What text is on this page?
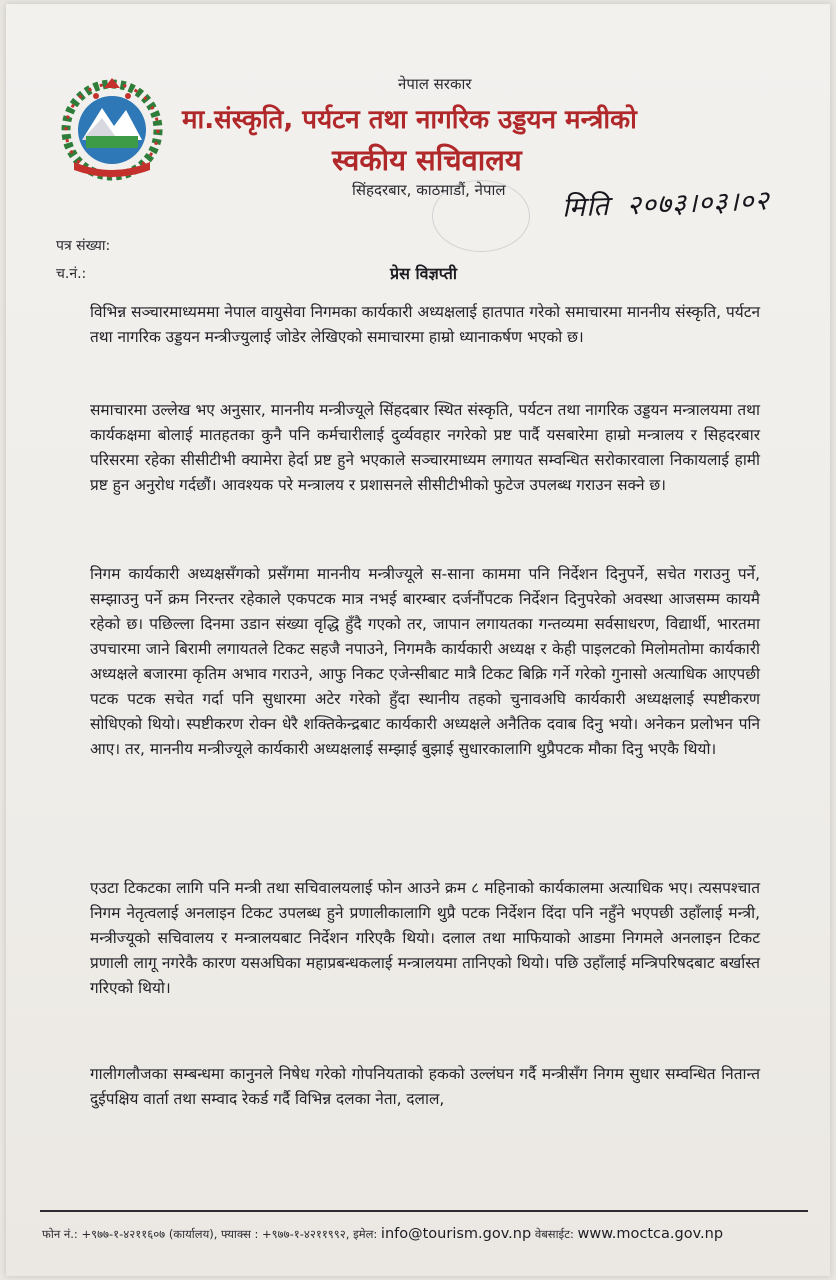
नेपाल सरकार
मा.संस्कृति, पर्यटन तथा नागरिक उड्डयन मन्त्रीको
स्वकीय सचिवालय
सिंहदरबार, काठमाडौं, नेपाल मिति २०७३।०३।०२
पत्र संख्या:
च.नं.:	प्रेस विज्ञप्ती

विभिन्न सञ्चारमाध्यममा नेपाल वायुसेवा निगमका कार्यकारी अध्यक्षलाई हातपात गरेको समाचारमा माननीय संस्कृति, पर्यटन तथा नागरिक उड्डयन मन्त्रीज्युलाई जोडेर लेखिएको समाचारमा हाम्रो ध्यानाकर्षण भएको छ।

समाचारमा उल्लेख भए अनुसार, माननीय मन्त्रीज्यूले सिंहदबार स्थित संस्कृति, पर्यटन तथा नागरिक उड्डयन मन्त्रालयमा तथा कार्यकक्षमा बोलाई मातहतका कुनै पनि कर्मचारीलाई दुर्व्यवहार नगरेको प्रष्ट पार्दै यसबारेमा हाम्रो मन्त्रालय र सिहदरबार परिसरमा रहेका सीसीटीभी क्यामेरा हेर्दा प्रष्ट हुने भएकाले सञ्चारमाध्यम लगायत सम्वन्धित सरोकारवाला निकायलाई हामी प्रष्ट हुन अनुरोध गर्दछौं। आवश्यक परे मन्त्रालय र प्रशासनले सीसीटीभीको फुटेज उपलब्ध गराउन सक्ने छ।

निगम कार्यकारी अध्यक्षसँगको प्रसँगमा माननीय मन्त्रीज्यूले स-साना काममा पनि निर्देशन दिनुपर्ने, सचेत गराउनु पर्ने, सम्झाउनु पर्ने क्रम निरन्तर रहेकाले एकपटक मात्र नभई बारम्बार दर्जनौंपटक निर्देशन दिनुपरेको अवस्था आजसम्म कायमै रहेको छ। पछिल्ला दिनमा उडान संख्या वृद्धि हुँदै गएको तर, जापान लगायतका गन्तव्यमा सर्वसाधरण, विद्यार्थी, भारतमा उपचारमा जाने बिरामी लगायतले टिकट सहजै नपाउने, निगमकै कार्यकारी अध्यक्ष र केही पाइलटको मिलोमतोमा कार्यकारी अध्यक्षले बजारमा कृतिम अभाव गराउने, आफु निकट एजेन्सीबाट मात्रै टिकट बिक्रि गर्ने गरेको गुनासो अत्याधिक आएपछी पटक पटक सचेत गर्दा पनि सुधारमा अटेर गरेको हुँदा स्थानीय तहको चुनावअघि कार्यकारी अध्यक्षलाई स्पष्टीकरण सोधिएको थियो। स्पष्टीकरण रोक्न धेरै शक्तिकेन्द्रबाट कार्यकारी अध्यक्षले अनैतिक दवाब दिनु भयो। अनेकन प्रलोभन पनि आए। तर, माननीय मन्त्रीज्यूले कार्यकारी अध्यक्षलाई सम्झाई बुझाई सुधारकालागि थुप्रैपटक मौका दिनु भएकै थियो।

एउटा टिकटका लागि पनि मन्त्री तथा सचिवालयलाई फोन आउने क्रम ८ महिनाको कार्यकालमा अत्याधिक भए। त्यसपश्चात निगम नेतृत्वलाई अनलाइन टिकट उपलब्ध हुने प्रणालीकालागि थुप्रै पटक निर्देशन दिंदा पनि नहुँने भएपछी उहाँलाई मन्त्री, मन्त्रीज्यूको सचिवालय र मन्त्रालयबाट निर्देशन गरिएकै थियो। दलाल तथा माफियाको आडमा निगमले अनलाइन टिकट प्रणाली लागू नगरेकै कारण यसअघिका महाप्रबन्धकलाई मन्त्रालयमा तानिएको थियो। पछि उहाँलाई मन्त्रिपरिषदबाट बर्खास्त गरिएको थियो।

गालीगलौजका सम्बन्धमा कानुनले निषेध गरेको गोपनियताको हकको उल्लंघन गर्दै मन्त्रीसँग निगम सुधार सम्वन्धित नितान्त दुईपक्षिय वार्ता तथा सम्वाद रेकर्ड गर्दै विभिन्न दलका नेता, दलाल,

फोन नं.: +९७७-१-४२११६०७ (कार्यालय), फ्याक्स : +९७७-१-४२११९९२, इमेल: info@tourism.gov.np वेबसाईट: www.moctca.gov.np
